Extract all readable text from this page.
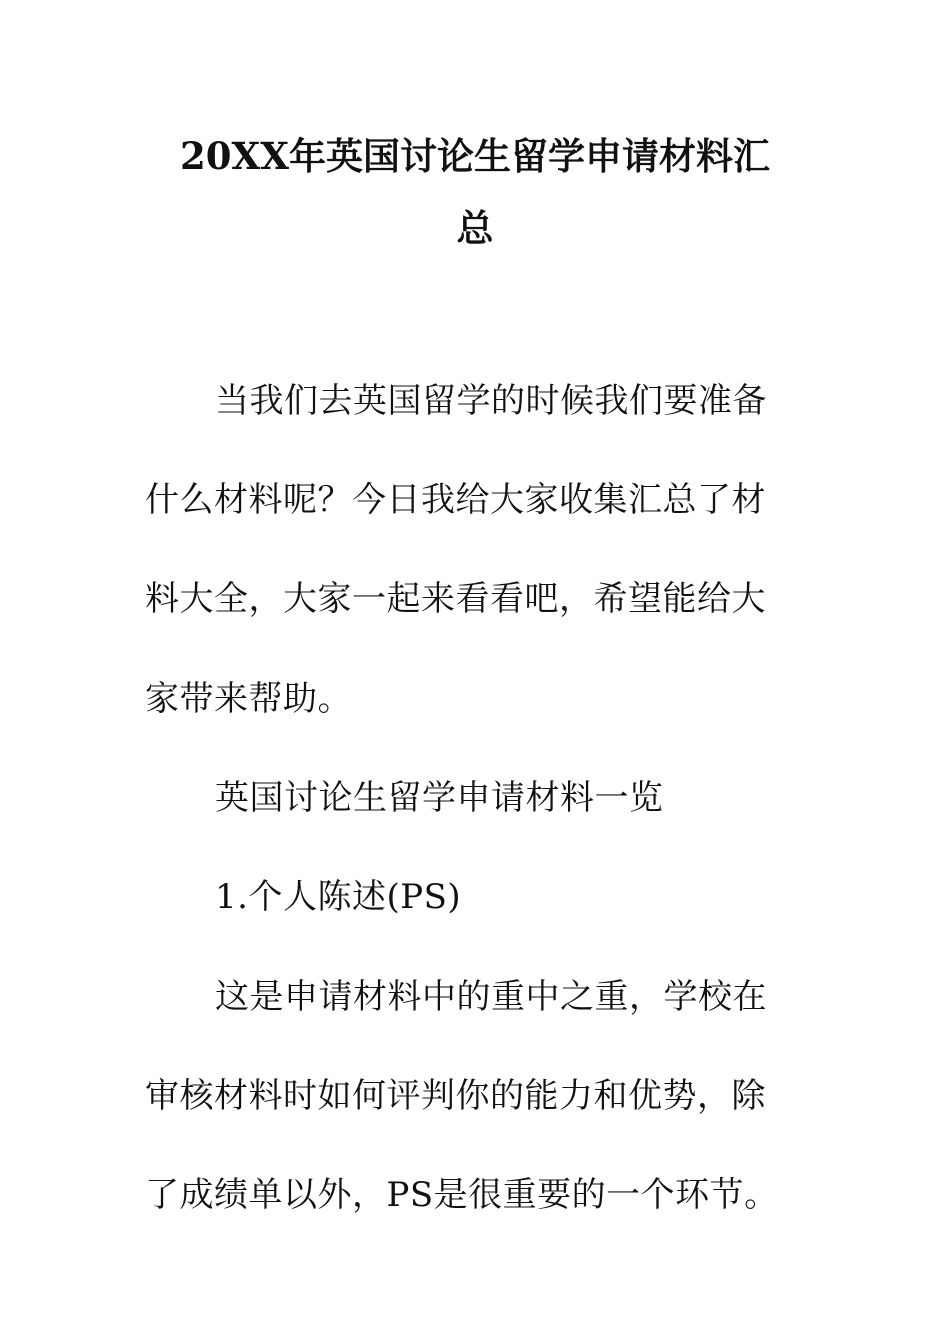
20XX年英国讨论生留学申请材料汇
总

当我们去英国留学的时候我们要准备

什么材料呢？今日我给大家收集汇总了材

料大全，大家一起来看看吧，希望能给大

家带来帮助。

英国讨论生留学申请材料一览

1.个人陈述(PS)

这是申请材料中的重中之重，学校在

审核材料时如何评判你的能力和优势，除

了成绩单以外，PS是很重要的一个环节。
